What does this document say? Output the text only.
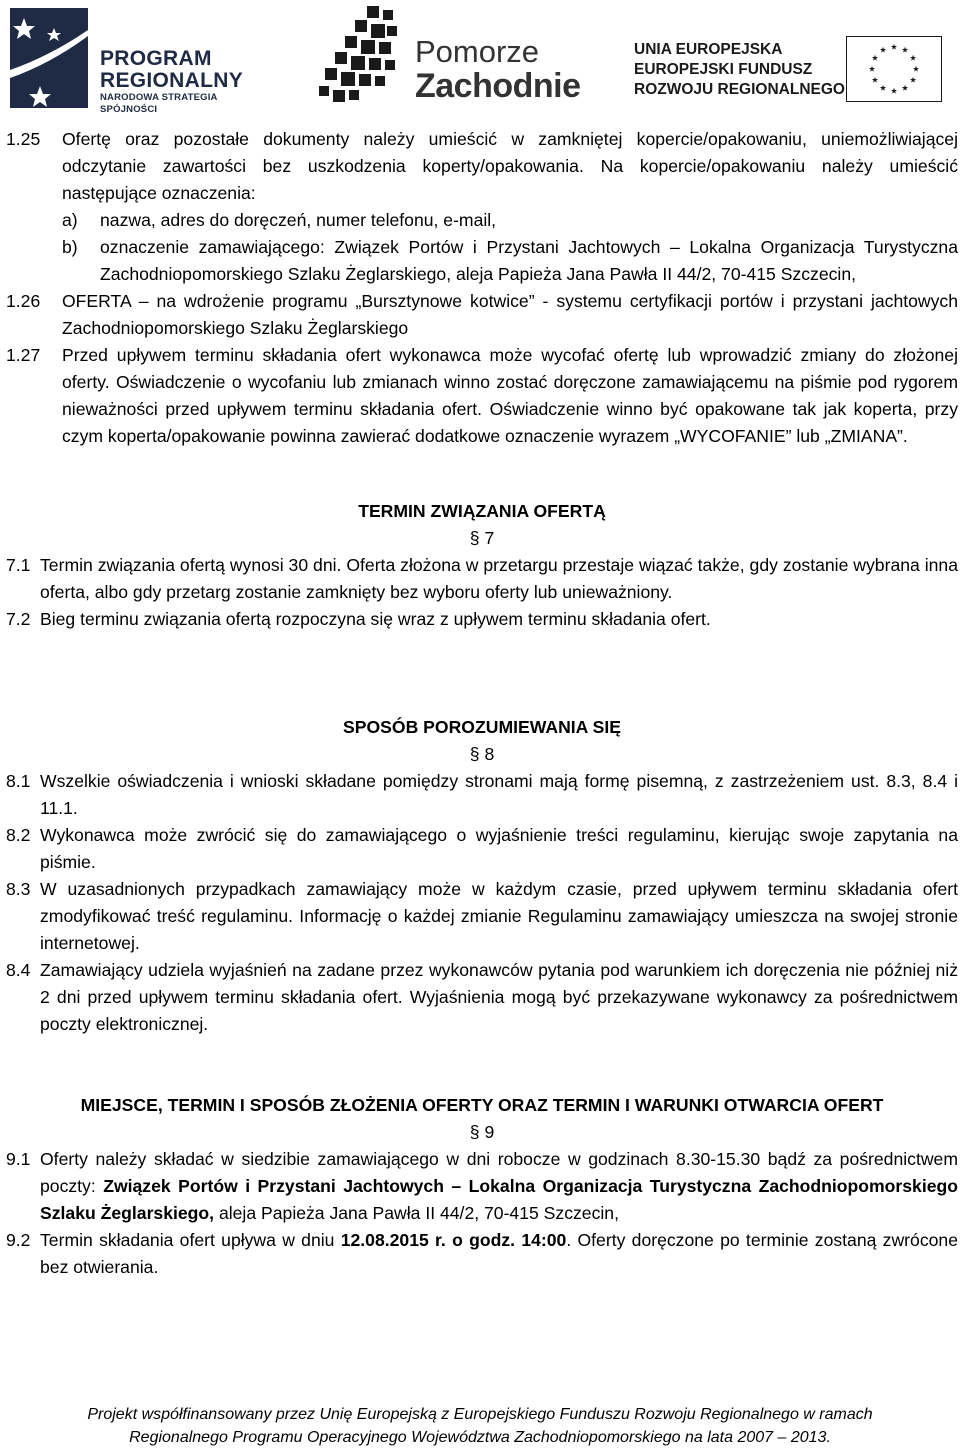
PROGRAM
REGIONALNY
NARODOWA STRATEGIA SPÓJNOŚCI
Pomorze
Zachodnie
UNIA EUROPEJSKA
EUROPEJSKI FUNDUSZ
ROZWOJU REGIONALNEGO
1.25 Ofertę oraz pozostałe dokumenty należy umieścić w zamkniętej kopercie/opakowaniu, uniemożliwiającej odczytanie zawartości bez uszkodzenia koperty/opakowania. Na kopercie/opakowaniu należy umieścić następujące oznaczenia:
a) nazwa, adres do doręczeń, numer telefonu, e-mail,
b) oznaczenie zamawiającego: Związek Portów i Przystani Jachtowych – Lokalna Organizacja Turystyczna Zachodniopomorskiego Szlaku Żeglarskiego, aleja Papieża Jana Pawła II 44/2, 70-415 Szczecin,
1.26 OFERTA – na wdrożenie programu „Bursztynowe kotwice” - systemu certyfikacji portów i przystani jachtowych Zachodniopomorskiego Szlaku Żeglarskiego
1.27 Przed upływem terminu składania ofert wykonawca może wycofać ofertę lub wprowadzić zmiany do złożonej oferty. Oświadczenie o wycofaniu lub zmianach winno zostać doręczone zamawiającemu na piśmie pod rygorem nieważności przed upływem terminu składania ofert. Oświadczenie winno być opakowane tak jak koperta, przy czym koperta/opakowanie powinna zawierać dodatkowe oznaczenie wyrazem „WYCOFANIE” lub „ZMIANA”.
TERMIN ZWIĄZANIA OFERTĄ
§ 7
7.1 Termin związania ofertą wynosi 30 dni. Oferta złożona w przetargu przestaje wiązać także, gdy zostanie wybrana inna oferta, albo gdy przetarg zostanie zamknięty bez wyboru oferty lub unieważniony.
7.2 Bieg terminu związania ofertą rozpoczyna się wraz z upływem terminu składania ofert.
SPOSÓB POROZUMIEWANIA SIĘ
§ 8
8.1 Wszelkie oświadczenia i wnioski składane pomiędzy stronami mają formę pisemną, z zastrzeżeniem ust. 8.3, 8.4 i 11.1.
8.2 Wykonawca może zwrócić się do zamawiającego o wyjaśnienie treści regulaminu, kierując swoje zapytania na piśmie.
8.3 W uzasadnionych przypadkach zamawiający może w każdym czasie, przed upływem terminu składania ofert zmodyfikować treść regulaminu. Informację o każdej zmianie Regulaminu zamawiający umieszcza na swojej stronie internetowej.
8.4 Zamawiający udziela wyjaśnień na zadane przez wykonawców pytania pod warunkiem ich doręczenia nie później niż 2 dni przed upływem terminu składania ofert. Wyjaśnienia mogą być przekazywane wykonawcy za pośrednictwem poczty elektronicznej.
MIEJSCE, TERMIN I SPOSÓB ZŁOŻENIA OFERTY ORAZ TERMIN I WARUNKI OTWARCIA OFERT
§ 9
9.1 Oferty należy składać w siedzibie zamawiającego w dni robocze w godzinach 8.30-15.30 bądź za pośrednictwem poczty: Związek Portów i Przystani Jachtowych – Lokalna Organizacja Turystyczna Zachodniopomorskiego Szlaku Żeglarskiego, aleja Papieża Jana Pawła II 44/2, 70-415 Szczecin,
9.2 Termin składania ofert upływa w dniu 12.08.2015 r. o godz. 14:00. Oferty doręczone po terminie zostaną zwrócone bez otwierania.
Projekt współfinansowany przez Unię Europejską z Europejskiego Funduszu Rozwoju Regionalnego w ramach
Regionalnego Programu Operacyjnego Województwa Zachodniopomorskiego na lata 2007 – 2013.
